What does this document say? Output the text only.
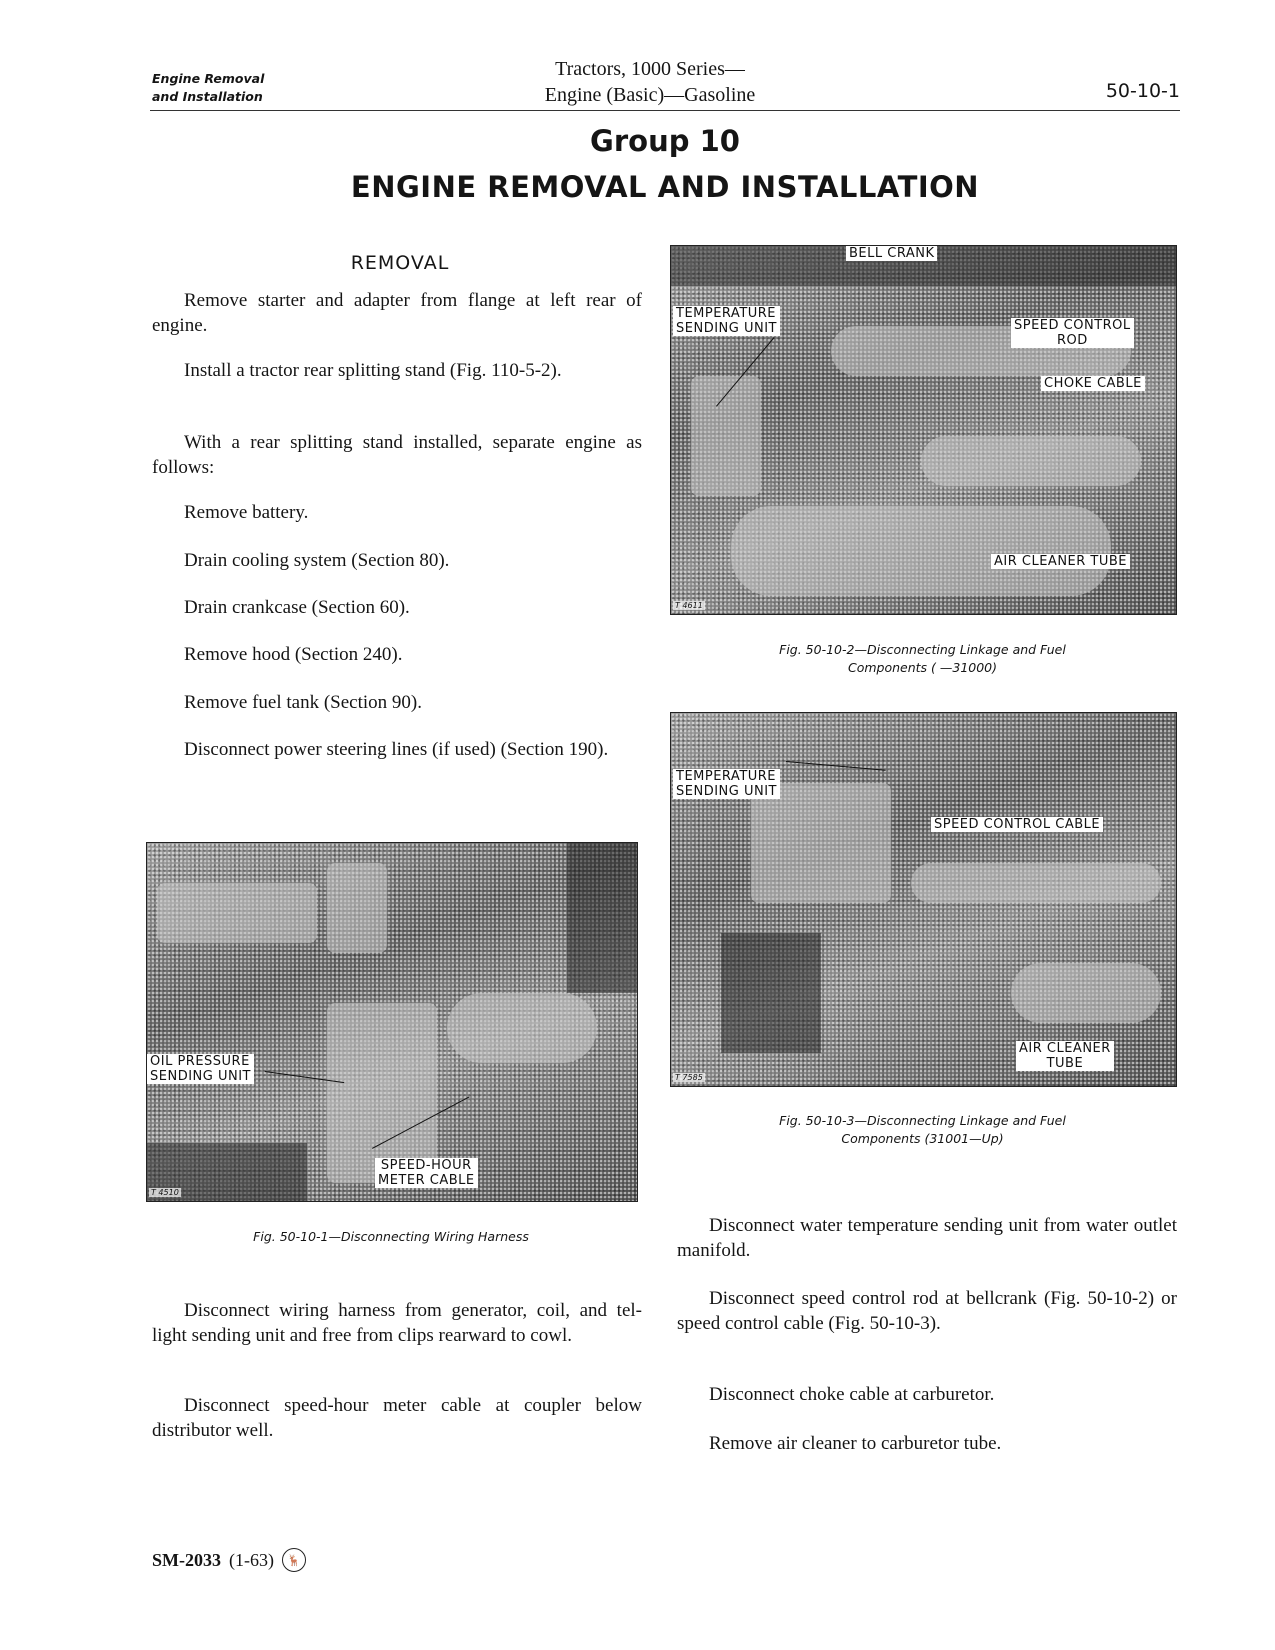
Engine Removal
and Installation
Tractors, 1000 Series—
Engine (Basic)—Gasoline	50-10-1
Group 10
ENGINE REMOVAL AND INSTALLATION
REMOVAL
Remove starter and adapter from flange at left rear of engine.
Install a tractor rear splitting stand (Fig. 110-5-2).
With a rear splitting stand installed, separate engine as follows:
Remove battery.
Drain cooling system (Section 80).
Drain crankcase (Section 60).
Remove hood (Section 240).
Remove fuel tank (Section 90).
Disconnect power steering lines (if used) (Section 190).
OIL PRESSURE
SENDING UNIT
SPEED-HOUR
METER CABLE
T 4510
Fig. 50-10-1—Disconnecting Wiring Harness
Disconnect wiring harness from generator, coil, and tel-light sending unit and free from clips rearward to cowl.
Disconnect speed-hour meter cable at coupler below distributor well.
BELL CRANK
TEMPERATURE
SENDING UNIT	SPEED CONTROL
ROD
CHOKE CABLE
AIR CLEANER TUBE
T 4611
Fig. 50-10-2—Disconnecting Linkage and Fuel
Components ( —31000)
TEMPERATURE
SENDING UNIT
SPEED CONTROL CABLE
AIR CLEANER
TUBE
T 7585
Fig. 50-10-3—Disconnecting Linkage and Fuel
Components (31001—Up)
Disconnect water temperature sending unit from water outlet manifold.
Disconnect speed control rod at bellcrank (Fig. 50-10-2) or speed control cable (Fig. 50-10-3).
Disconnect choke cable at carburetor.
Remove air cleaner to carburetor tube.
SM-2033 (1-63)	🦌
